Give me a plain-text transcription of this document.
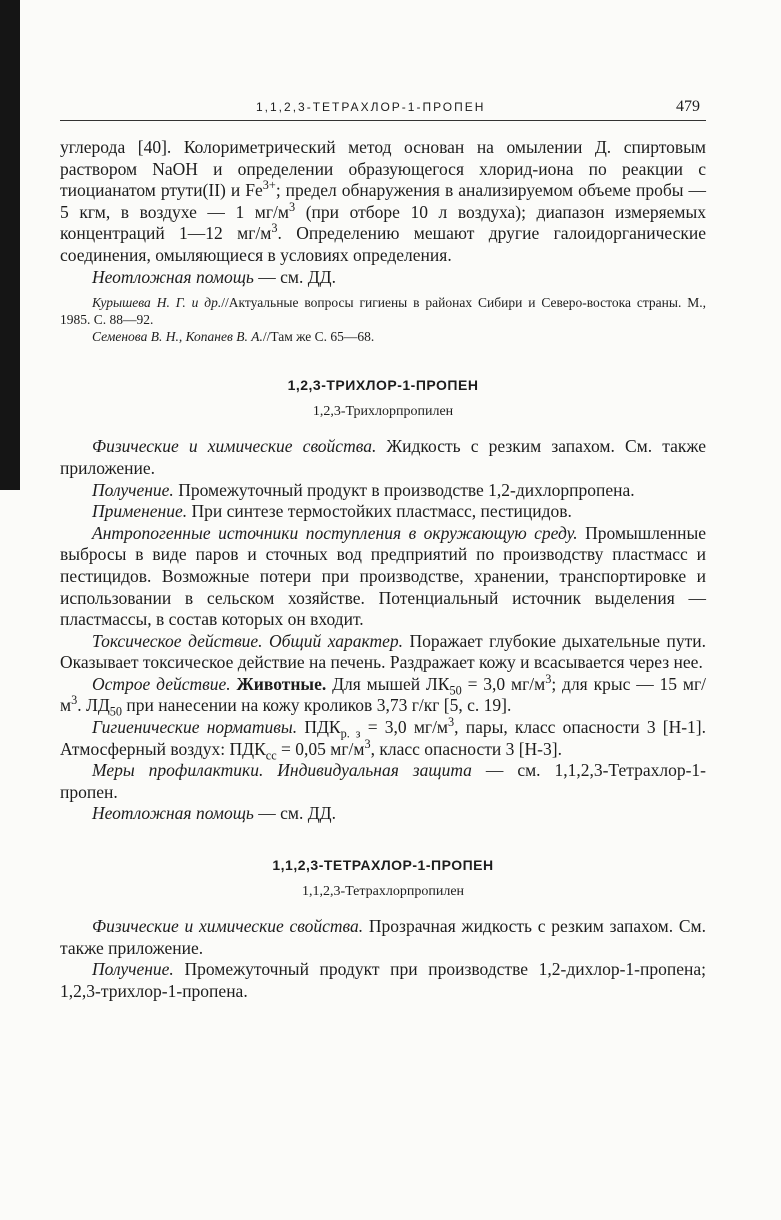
1,1,2,3-ТЕТРАХЛОР-1-ПРОПЕН	479

углерода [40]. Колориметрический метод основан на омылении Д. спиртовым раствором NaOH и определении образующегося хлорид-иона по реакции с тиоцианатом ртути(II) и $Fe^{3+}$; предел обнаружения в анализируемом объеме пробы — 5 кгм, в воздухе — 1 $мг/м^3$ (при отборе 10 л воздуха); диапазон измеряемых концентраций 1—12 $мг/м^3$. Определению мешают другие галоидорганические соединения, омыляющиеся в условиях определения.

Неотложная помощь — см. ДД.

Курышева Н. Г. и др.//Актуальные вопросы гигиены в районах Сибири и Северо-востока страны. М., 1985. С. 88—92.

Семенова В. Н., Копанев В. А.//Там же С. 65—68.

1,2,3-ТРИХЛОР-1-ПРОПЕН
1,2,3-Трихлорпропилен

Физические и химические свойства. Жидкость с резким запахом. См. также приложение.

Получение. Промежуточный продукт в производстве 1,2-дихлорпропена.

Применение. При синтезе термостойких пластмасс, пестицидов.

Антропогенные источники поступления в окружающую среду. Промышленные выбросы в виде паров и сточных вод предприятий по производству пластмасс и пестицидов. Возможные потери при производстве, хранении, транспортировке и использовании в сельском хозяйстве. Потенциальный источник выделения — пластмассы, в состав которых он входит.

Токсическое действие. Общий характер. Поражает глубокие дыхательные пути. Оказывает токсическое действие на печень. Раздражает кожу и всасывается через нее.

Острое действие. Животные. Для мышей $ЛК_{50} = 3,0$ $мг/м^3$; для крыс — 15 $мг/м^3$. $ЛД_{50}$ при нанесении на кожу кроликов 3,73 г/кг [5, с. 19].

Гигиенические нормативы. $ПДК_{р. з} = 3,0$ $мг/м^3$, пары, класс опасности 3 [Н-1]. Атмосферный воздух: $ПДК_{сс} = 0,05$ $мг/м^3$, класс опасности 3 [Н-3].

Меры профилактики. Индивидуальная защита — см. 1,1,2,3-Тетрахлор-1-пропен.

Неотложная помощь — см. ДД.

1,1,2,3-ТЕТРАХЛОР-1-ПРОПЕН
1,1,2,3-Тетрахлорпропилен

Физические и химические свойства. Прозрачная жидкость с резким запахом. См. также приложение.

Получение. Промежуточный продукт при производстве 1,2-дихлор-1-пропена; 1,2,3-трихлор-1-пропена.
